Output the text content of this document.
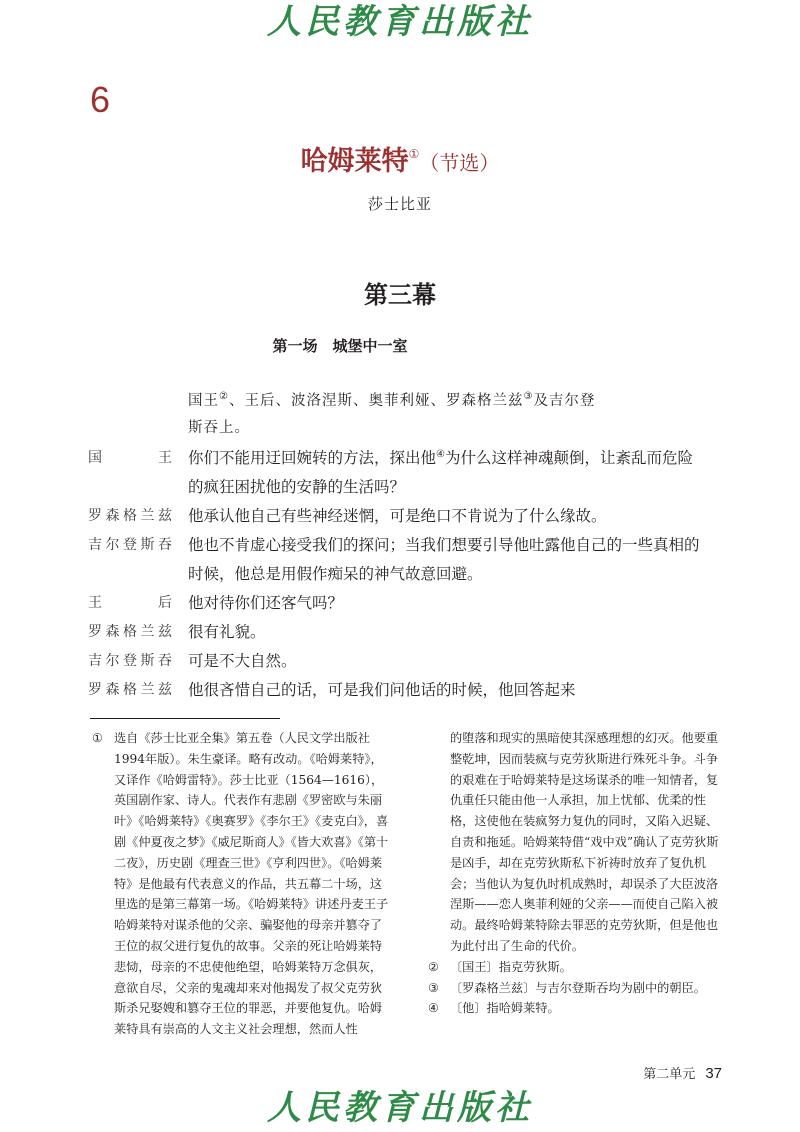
人民教育出版社
6
哈姆莱特①（节选）
莎士比亚
第三幕
第一场　城堡中一室
国王②、王后、波洛涅斯、奥菲利娅、罗森格兰兹③及吉尔登斯吞上。
国王 你们不能用迂回婉转的方法，探出他④为什么这样神魂颠倒，让紊乱而危险的疯狂困扰他的安静的生活吗？
罗森格兰兹 他承认他自己有些神经迷惘，可是绝口不肯说为了什么缘故。
吉尔登斯吞 他也不肯虚心接受我们的探问；当我们想要引导他吐露他自己的一些真相的时候，他总是用假作痴呆的神气故意回避。
王后 他对待你们还客气吗？
罗森格兰兹 很有礼貌。
吉尔登斯吞 可是不大自然。
罗森格兰兹 他很吝惜自己的话，可是我们问他话的时候，他回答起来
① 选自《莎士比亚全集》第五卷（人民文学出版社1994年版）。朱生豪译。略有改动。《哈姆莱特》，又译作《哈姆雷特》。莎士比亚（1564—1616），英国剧作家、诗人。代表作有悲剧《罗密欧与朱丽叶》《哈姆莱特》《奥赛罗》《李尔王》《麦克白》，喜剧《仲夏夜之梦》《威尼斯商人》《皆大欢喜》《第十二夜》，历史剧《理查三世》《亨利四世》。《哈姆莱特》是他最有代表意义的作品，共五幕二十场，这里选的是第三幕第一场。《哈姆莱特》讲述丹麦王子哈姆莱特对谋杀他的父亲、骗娶他的母亲并篡夺了王位的叔父进行复仇的故事。父亲的死让哈姆莱特悲恸，母亲的不忠使他绝望，哈姆莱特万念俱灰，意欲自尽，父亲的鬼魂却来对他揭发了叔父克劳狄斯杀兄娶嫂和篡夺王位的罪恶，并要他复仇。哈姆莱特具有崇高的人文主义社会理想，然而人性
的堕落和现实的黑暗使其深感理想的幻灭。他要重整乾坤，因而装疯与克劳狄斯进行殊死斗争。斗争的艰难在于哈姆莱特是这场谋杀的唯一知情者，复仇重任只能由他一人承担，加上忧郁、优柔的性格，这使他在装疯努力复仇的同时，又陷入迟疑、自责和拖延。哈姆莱特借“戏中戏”确认了克劳狄斯是凶手，却在克劳狄斯私下祈祷时放弃了复仇机会；当他认为复仇时机成熟时，却误杀了大臣波洛涅斯——恋人奥菲利娅的父亲——而使自己陷入被动。最终哈姆莱特除去罪恶的克劳狄斯，但是他也为此付出了生命的代价。
② 〔国王〕指克劳狄斯。
③ 〔罗森格兰兹〕与吉尔登斯吞均为剧中的朝臣。
④ 〔他〕指哈姆莱特。
第二单元 37
人民教育出版社
